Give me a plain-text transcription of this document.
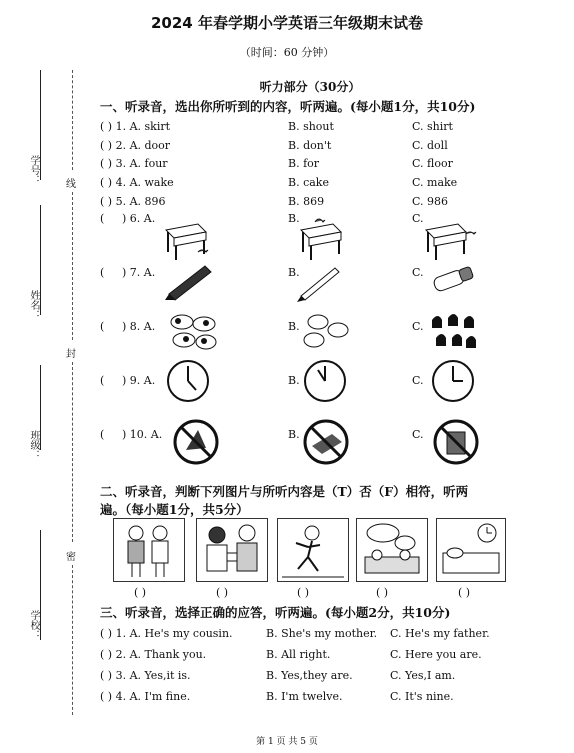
2024 年春学期小学英语三年级期末试卷
（时间：60 分钟）
学号：
姓名：
班级：
学校：
线
封
密
听力部分（30分）
一、听录音，选出你所听到的内容，听两遍。(每小题1分，共10分)
( ) 1. A. skirt	B. shout	C. shirt
( ) 2. A. door	B. don't	C. doll
( ) 3. A. four	B. for	C. floor
( ) 4. A. wake	B. cake	C. make
( ) 5. A. 896	B. 869	C. 986
( ) 6. A.	B.	C.
( ) 7. A.	B.	C.
( ) 8. A.	B.	C.
( ) 9. A.	B.	C.
( ) 10. A.	B.	C.
二、听录音，判断下列图片与所听内容是（T）否（F）相符，听两
遍。（每小题1分，共5分）
( )	( )	( )	( )	( )
三、听录音，选择正确的应答，听两遍。(每小题2分，共10分)
( ) 1. A. He's my cousin.	B. She's my mother. C. He's my father.
( ) 2. A. Thank you.	B. All right.	C. Here you are.
( ) 3. A. Yes,it is.	B. Yes,they are.	C. Yes,I am.
( ) 4. A. I'm fine.	B. I'm twelve.	C. It's nine.
第 1 页 共 5 页
